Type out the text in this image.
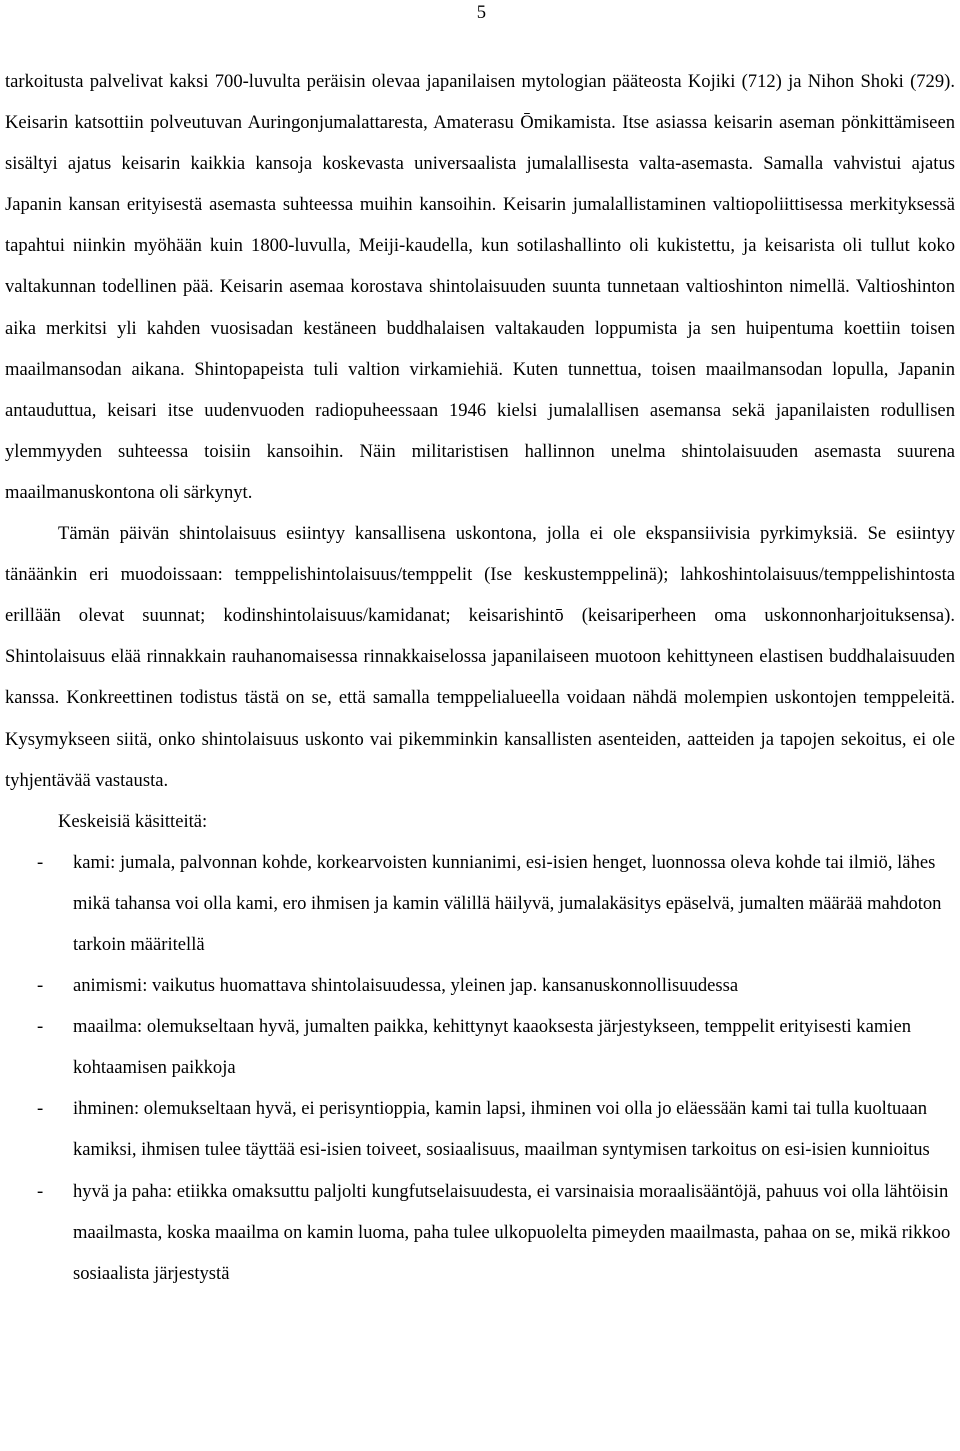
5

tarkoitusta palvelivat kaksi 700-luvulta peräisin olevaa japanilaisen mytologian pääteosta Kojiki (712) ja Nihon Shoki (729). Keisarin katsottiin polveutuvan Auringonjumalattaresta, Amaterasu Ōmikamista. Itse asiassa keisarin aseman pönkittämiseen sisältyi ajatus keisarin kaikkia kansoja koskevasta universaalista jumalallisesta valta-asemasta. Samalla vahvistui ajatus Japanin kansan erityisestä asemasta suhteessa muihin kansoihin. Keisarin jumalallistaminen valtiopoliittisessa merkityksessä tapahtui niinkin myöhään kuin 1800-luvulla, Meiji-kaudella, kun sotilashallinto oli kukistettu, ja keisarista oli tullut koko valtakunnan todellinen pää. Keisarin asemaa korostava shintolaisuuden suunta tunnetaan valtioshinton nimellä. Valtioshinton aika merkitsi yli kahden vuosisadan kestäneen buddhalaisen valtakauden loppumista ja sen huipentuma koettiin toisen maailmansodan aikana. Shintopapeista tuli valtion virkamiehiä. Kuten tunnettua, toisen maailmansodan lopulla, Japanin antauduttua, keisari itse uudenvuoden radiopuheessaan 1946 kielsi jumalallisen asemansa sekä japanilaisten rodullisen ylemmyyden suhteessa toisiin kansoihin. Näin militaristisen hallinnon unelma shintolaisuuden asemasta suurena maailmanuskontona oli särkynyt.

Tämän päivän shintolaisuus esiintyy kansallisena uskontona, jolla ei ole ekspansiivisia pyrkimyksiä. Se esiintyy tänäänkin eri muodoissaan: temppelishintolaisuus/temppelit (Ise keskustemppelinä); lahkoshintolaisuus/temppelishintosta erillään olevat suunnat; kodinshintolaisuus/kamidanat; keisarishintō (keisariperheen oma uskonnonharjoituksensa). Shintolaisuus elää rinnakkain rauhanomaisessa rinnakkaiselossa japanilaiseen muotoon kehittyneen elastisen buddhalaisuuden kanssa. Konkreettinen todistus tästä on se, että samalla temppelialueella voidaan nähdä molempien uskontojen temppeleitä. Kysymykseen siitä, onko shintolaisuus uskonto vai pikemminkin kansallisten asenteiden, aatteiden ja tapojen sekoitus, ei ole tyhjentävää vastausta.

Keskeisiä käsitteitä:

- kami: jumala, palvonnan kohde, korkearvoisten kunnianimi, esi-isien henget, luonnossa oleva kohde tai ilmiö, lähes mikä tahansa voi olla kami, ero ihmisen ja kamin välillä häilyvä, jumalakäsitys epäselvä, jumalten määrää mahdoton tarkoin määritellä
- animismi: vaikutus huomattava shintolaisuudessa, yleinen jap. kansanuskonnollisuudessa
- maailma: olemukseltaan hyvä, jumalten paikka, kehittynyt kaaoksesta järjestykseen, temppelit erityisesti kamien kohtaamisen paikkoja
- ihminen: olemukseltaan hyvä, ei perisyntioppia, kamin lapsi, ihminen voi olla jo eläessään kami tai tulla kuoltuaan kamiksi, ihmisen tulee täyttää esi-isien toiveet, sosiaalisuus, maailman syntymisen tarkoitus on esi-isien kunnioitus
- hyvä ja paha: etiikka omaksuttu paljolti kungfutselaisuudesta, ei varsinaisia moraalisääntöjä, pahuus voi olla lähtöisin maailmasta, koska maailma on kamin luoma, paha tulee ulkopuolelta pimeyden maailmasta, pahaa on se, mikä rikkoo sosiaalista järjestystä
